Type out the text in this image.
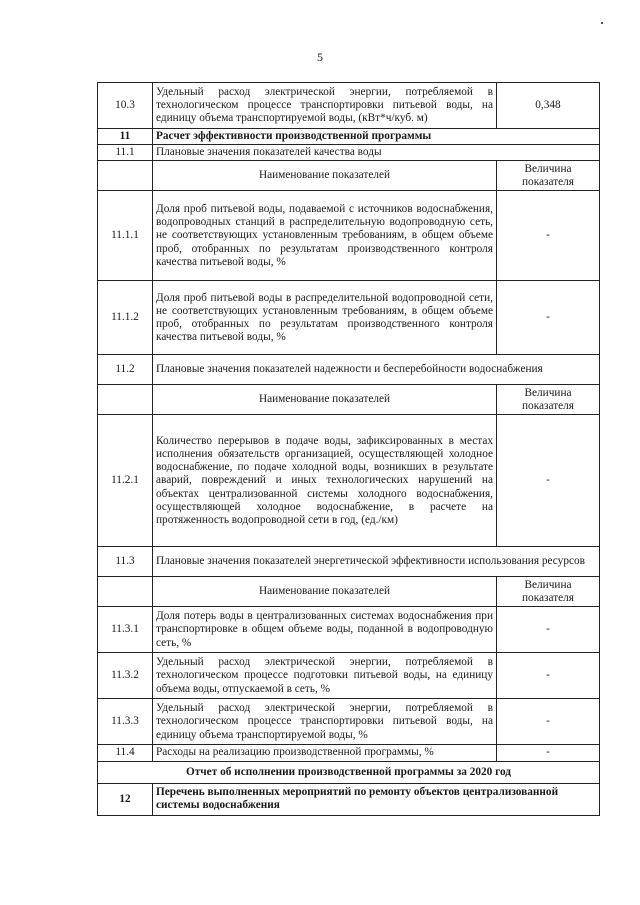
5
10.3	Удельный расход электрической энергии, потребляемой в технологическом процессе транспортировки питьевой воды, на единицу объема транспортируемой воды, (кВт*ч/куб. м)	0,348
11	Расчет эффективности производственной программы	
11.1	Плановые значения показателей качества воды	
	Наименование показателей	Величина показателя
11.1.1	Доля проб питьевой воды, подаваемой с источников водоснабжения, водопроводных станций в распределительную водопроводную сеть, не соответствующих установленным требованиям, в общем объеме проб, отобранных по результатам производственного контроля качества питьевой воды, %	-
11.1.2	Доля проб питьевой воды в распределительной водопроводной сети, не соответствующих установленным требованиям, в общем объеме проб, отобранных по результатам производственного контроля качества питьевой воды, %	-
11.2	Плановые значения показателей надежности и бесперебойности водоснабжения	
	Наименование показателей	Величина показателя
11.2.1	Количество перерывов в подаче воды, зафиксированных в местах исполнения обязательств организацией, осуществляющей холодное водоснабжение, по подаче холодной воды, возникших в результате аварий, повреждений и иных технологических нарушений на объектах централизованной системы холодного водоснабжения, осуществляющей холодное водоснабжение, в расчете на протяженность водопроводной сети в год, (ед./км)	-
11.3	Плановые значения показателей энергетической эффективности использования ресурсов	
	Наименование показателей	Величина показателя
11.3.1	Доля потерь воды в централизованных системах водоснабжения при транспортировке в общем объеме воды, поданной в водопроводную сеть, %	-
11.3.2	Удельный расход электрической энергии, потребляемой в технологическом процессе подготовки питьевой воды, на единицу объема воды, отпускаемой в сеть, %	-
11.3.3	Удельный расход электрической энергии, потребляемой в технологическом процессе транспортировки питьевой воды, на единицу объема транспортируемой воды, %	-
11.4	Расходы на реализацию производственной программы, %	-
Отчет об исполнении производственной программы за 2020 год		
12	Перечень выполненных мероприятий по ремонту объектов централизованной системы водоснабжения	
